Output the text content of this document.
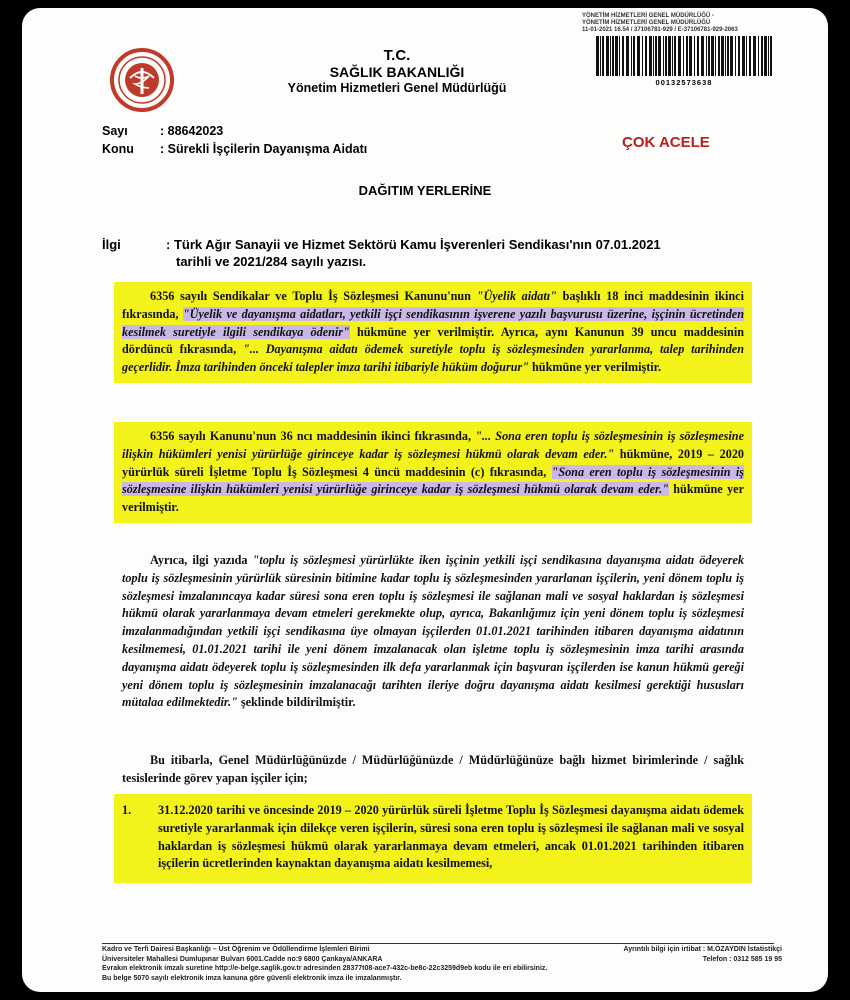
T.C.
SAĞLIK BAKANLIĞI
Yönetim Hizmetleri Genel Müdürlüğü
YÖNETİM HİZMETLERİ GENEL MÜDÜRLÜĞÜ -
YÖNETİM HİZMETLERİ GENEL MÜDÜRLÜĞÜ
11-01-2021 16.54 / 37106781-929 / E-37106781-929-2063
00132573638
Sayı	: 88642023
Konu : Sürekli İşçilerin Dayanışma Aidatı	ÇOK ACELE
DAĞITIM YERLERİNE
İlgi	: Türk Ağır Sanayii ve Hizmet Sektörü Kamu İşverenleri Sendikası'nın 07.01.2021
tarihli ve 2021/284 sayılı yazısı.
6356 sayılı Sendikalar ve Toplu İş Sözleşmesi Kanunu'nun "Üyelik aidatı" başlıklı 18 inci maddesinin ikinci fıkrasında, "Üyelik ve dayanışma aidatları, yetkili işçi sendikasının işverene yazılı başvurusu üzerine, işçinin ücretinden kesilmek suretiyle ilgili sendikaya ödenir" hükmüne yer verilmiştir. Ayrıca, aynı Kanunun 39 uncu maddesinin dördüncü fıkrasında, "... Dayanışma aidatı ödemek suretiyle toplu iş sözleşmesinden yararlanma, talep tarihinden geçerlidir. İmza tarihinden önceki talepler imza tarihi itibariyle hüküm doğurur" hükmüne yer verilmiştir.
6356 sayılı Kanunu'nun 36 ncı maddesinin ikinci fıkrasında, "... Sona eren toplu iş sözleşmesinin iş sözleşmesine ilişkin hükümleri yenisi yürürlüğe girinceye kadar iş sözleşmesi hükmü olarak devam eder." hükmüne, 2019 – 2020 yürürlük süreli İşletme Toplu İş Sözleşmesi 4 üncü maddesinin (c) fıkrasında, "Sona eren toplu iş sözleşmesinin iş sözleşmesine ilişkin hükümleri yenisi yürürlüğe girinceye kadar iş sözleşmesi hükmü olarak devam eder." hükmüne yer verilmiştir.
Ayrıca, ilgi yazıda "toplu iş sözleşmesi yürürlükte iken işçinin yetkili işçi sendikasına dayanışma aidatı ödeyerek toplu iş sözleşmesinin yürürlük süresinin bitimine kadar toplu iş sözleşmesinden yararlanan işçilerin, yeni dönem toplu iş sözleşmesi imzalanıncaya kadar süresi sona eren toplu iş sözleşmesi ile sağlanan mali ve sosyal haklardan iş sözleşmesi hükmü olarak yararlanmaya devam etmeleri gerekmekte olup, ayrıca, Bakanlığımız için yeni dönem toplu iş sözleşmesi imzalanmadığından yetkili işçi sendikasına üye olmayan işçilerden 01.01.2021 tarihinden itibaren dayanışma aidatının kesilmemesi, 01.01.2021 tarihi ile yeni dönem imzalanacak olan işletme toplu iş sözleşmesinin imza tarihi arasında dayanışma aidatı ödeyerek toplu iş sözleşmesinden ilk defa yararlanmak için başvuran işçilerden ise kanun hükmü gereği yeni dönem toplu iş sözleşmesinin imzalanacağı tarihten ileriye doğru dayanışma aidatı kesilmesi gerektiği hususları mütalaa edilmektedir." şeklinde bildirilmiştir.
Bu itibarla, Genel Müdürlüğünüzde / Müdürlüğünüzde / Müdürlüğünüze bağlı hizmet birimlerinde / sağlık tesislerinde görev yapan işçiler için;
1.	31.12.2020 tarihi ve öncesinde 2019 – 2020 yürürlük süreli İşletme Toplu İş Sözleşmesi dayanışma aidatı ödemek suretiyle yararlanmak için dilekçe veren işçilerin, süresi sona eren toplu iş sözleşmesi ile sağlanan mali ve sosyal haklardan iş sözleşmesi hükmü olarak yararlanmaya devam etmeleri, ancak 01.01.2021 tarihinden itibaren işçilerin ücretlerinden kaynaktan dayanışma aidatı kesilmemesi,
Kadro ve Terfi Dairesi Başkanlığı – Üst Öğrenim ve Ödüllendirme İşlemleri Birimi	Ayrıntılı bilgi için irtibat : M.ÖZAYDIN İstatistikçi
Üniversiteler Mahallesi Dumlupınar Bulvarı 6001.Cadde no:9 6800 Çankaya/ANKARA	Telefon : 0312 585 19 95
Evrakın elektronik imzalı suretine http://e-belge.saglik.gov.tr adresinden 28377t08-ace7-432c-be8c-22c3259d9eb kodu ile eri ebilirsiniz.
Bu belge 5070 sayılı elektronik imza kanuna göre güvenli elektronik imza ile imzalanmıştır.
